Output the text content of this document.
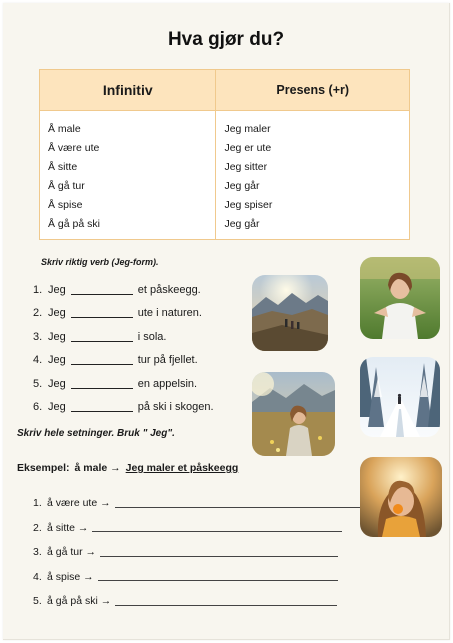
Hva gjør du?
Infinitiv	Presens (+r)
Å male	Jeg maler
Å være ute	Jeg er ute
Å sitte	Jeg sitter
Å gå tur	Jeg går
Å spise	Jeg spiser
Å gå på ski	Jeg går
Skriv riktig verb (Jeg-form).
1. Jeg	et påskeegg.
2. Jeg	ute i naturen.
3. Jeg	i sola.
4. Jeg	tur på fjellet.
5. Jeg	en appelsin.
6. Jeg	på ski i skogen.
Skriv hele setninger. Bruk " Jeg".
Eksempel: å male → Jeg maler et påskeegg
1. å være ute →
2. å sitte →
3. å gå tur →
4. å spise →
5. å gå på ski →
